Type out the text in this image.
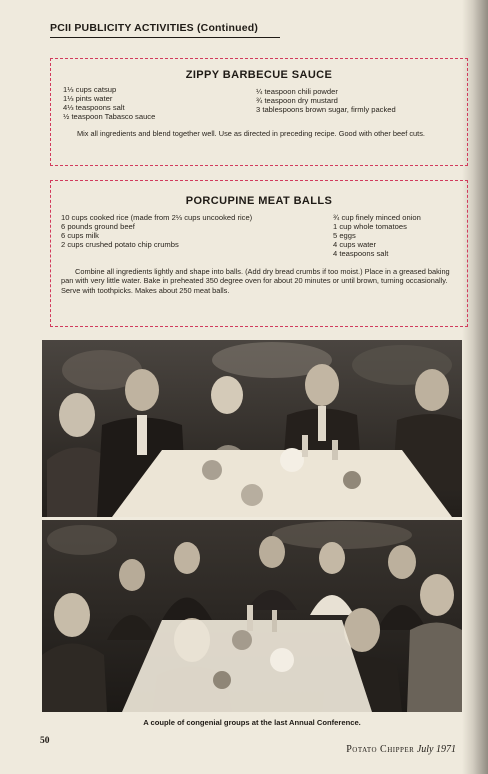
PCII PUBLICITY ACTIVITIES (Continued)
ZIPPY BARBECUE SAUCE
1⅓ cups catsup
1⅓ pints water
4⅓ teaspoons salt
½ teaspoon Tabasco sauce
¼ teaspoon chili powder
¾ teaspoon dry mustard
3 tablespoons brown sugar, firmly packed
Mix all ingredients and blend together well. Use as directed in preceding recipe. Good with other beef cuts.
PORCUPINE MEAT BALLS
10 cups cooked rice (made from 2⅓ cups uncooked rice)
6 pounds ground beef
6 cups milk
2 cups crushed potato chip crumbs
¾ cup finely minced onion
1 cup whole tomatoes
5 eggs
4 cups water
4 teaspoons salt
Combine all ingredients lightly and shape into balls. (Add dry bread crumbs if too moist.) Place in a greased baking pan with very little water. Bake in preheated 350 degree oven for about 20 minutes or until brown, turning occasionally. Serve with toothpicks. Makes about 250 meat balls.
A couple of congenial groups at the last Annual Conference.
50
Potato Chipper July 1971
